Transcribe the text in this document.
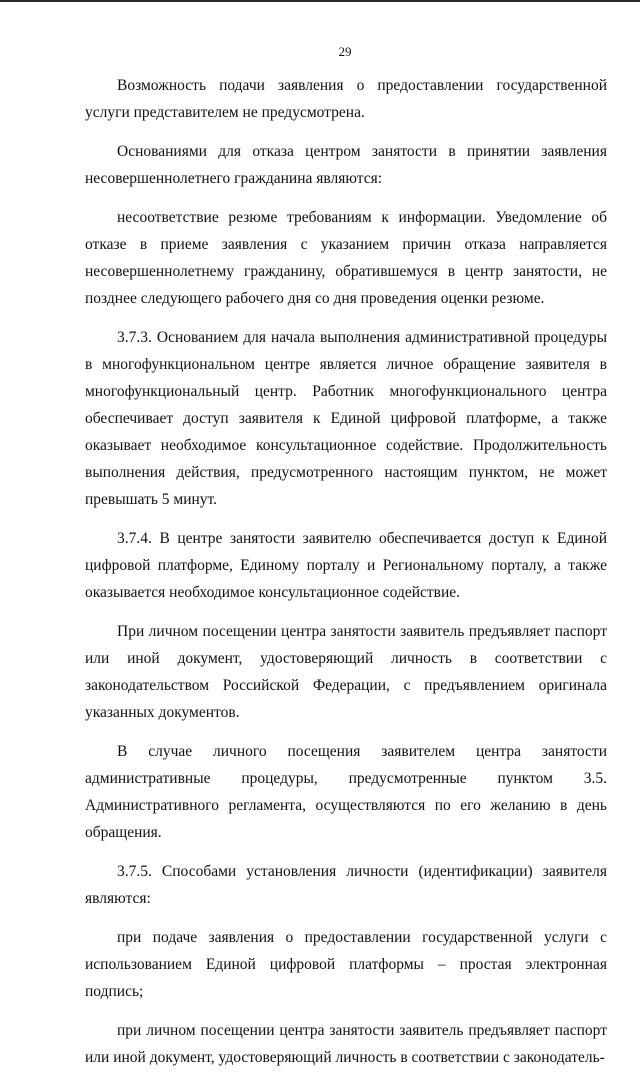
29

Возможность подачи заявления о предоставлении государственной услуги представителем не предусмотрена.

Основаниями для отказа центром занятости в принятии заявления несовершеннолетнего гражданина являются:

несоответствие резюме требованиям к информации. Уведомление об отказе в приеме заявления с указанием причин отказа направляется несовершеннолетнему гражданину, обратившемуся в центр занятости, не позднее следующего рабочего дня со дня проведения оценки резюме.

3.7.3. Основанием для начала выполнения административной процедуры в многофункциональном центре является личное обращение заявителя в многофункциональный центр. Работник многофункционального центра обеспечивает доступ заявителя к Единой цифровой платформе, а также оказывает необходимое консультационное содействие. Продолжительность выполнения действия, предусмотренного настоящим пунктом, не может превышать 5 минут.

3.7.4. В центре занятости заявителю обеспечивается доступ к Единой цифровой платформе, Единому порталу и Региональному порталу, а также оказывается необходимое консультационное содействие.

При личном посещении центра занятости заявитель предъявляет паспорт или иной документ, удостоверяющий личность в соответствии с законодательством Российской Федерации, с предъявлением оригинала указанных документов.

В случае личного посещения заявителем центра занятости административные процедуры, предусмотренные пунктом 3.5. Административного регламента, осуществляются по его желанию в день обращения.

3.7.5. Способами установления личности (идентификации) заявителя являются:

при подаче заявления о предоставлении государственной услуги с использованием Единой цифровой платформы – простая электронная подпись;

при личном посещении центра занятости заявитель предъявляет паспорт или иной документ, удостоверяющий личность в соответствии с законодатель-
